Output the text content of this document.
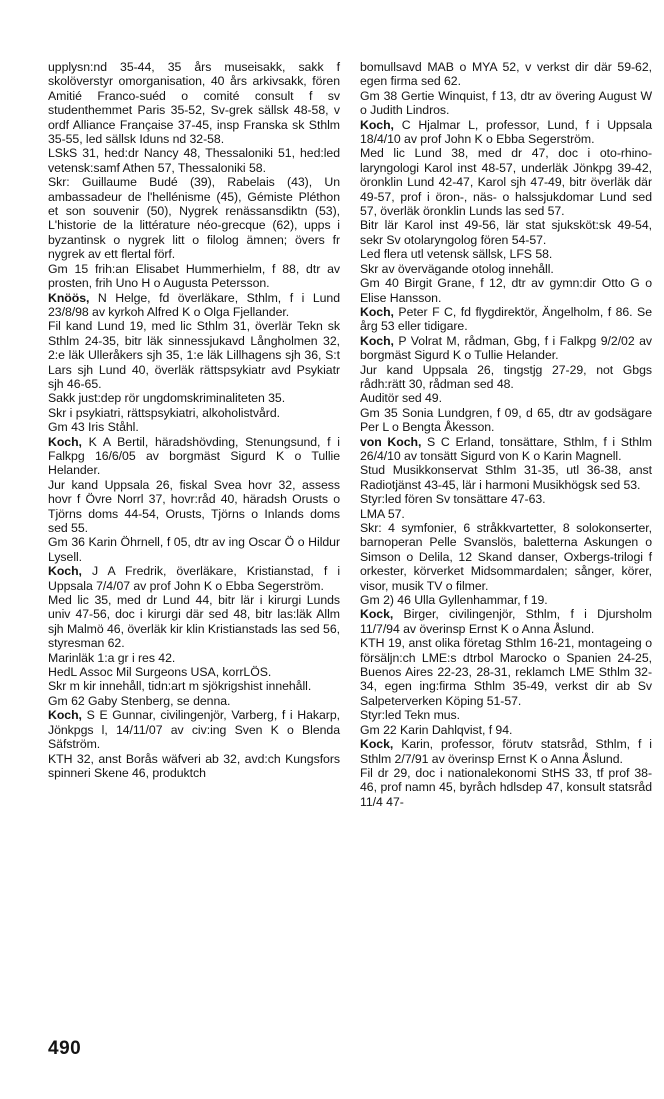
upplysn:nd 35-44, 35 års museisakk, sakk f skolöverstyr omorganisation, 40 års arkivsakk, fören Amitié Franco-suéd o comité consult f sv studenthemmet Paris 35-52, Sv-grek sällsk 48-58, v ordf Alliance Française 37-45, insp Franska sk Sthlm 35-55, led sällsk Iduns nd 32-58.

LSkS 31, hed:dr Nancy 48, Thessaloniki 51, hed:led vetensk:samf Athen 57, Thessaloniki 58.

Skr: Guillaume Budé (39), Rabelais (43), Un ambassadeur de l'hellénisme (45), Gémiste Pléthon et son souvenir (50), Nygrek renässansdiktn (53), L'historie de la littérature néo-grecque (62), upps i byzantinsk o nygrek litt o filolog ämnen; övers fr nygrek av ett flertal förf.

Gm 15 frih:an Elisabet Hummerhielm, f 88, dtr av prosten, frih Uno H o Augusta Petersson.

Knöös, N Helge, fd överläkare, Sthlm, f i Lund 23/8/98 av kyrkoh Alfred K o Olga Fjellander.

Fil kand Lund 19, med lic Sthlm 31, överlär Tekn sk Sthlm 24-35, bitr läk sinnessjukavd Långholmen 32, 2:e läk Ulleråkers sjh 35, 1:e läk Lillhagens sjh 36, S:t Lars sjh Lund 40, överläk rättspsykiatr avd Psykiatr sjh 46-65.

Sakk just:dep rör ungdomskriminaliteten 35.

Skr i psykiatri, rättspsykiatri, alkoholistvård.

Gm 43 Iris Ståhl.

Koch, K A Bertil, häradshövding, Stenungsund, f i Falkpg 16/6/05 av borgmäst Sigurd K o Tullie Helander.

Jur kand Uppsala 26, fiskal Svea hovr 32, assess hovr f Övre Norrl 37, hovr:råd 40, häradsh Orusts o Tjörns doms 44-54, Orusts, Tjörns o Inlands doms sed 55.

Gm 36 Karin Öhrnell, f 05, dtr av ing Oscar Ö o Hildur Lysell.

Koch, J A Fredrik, överläkare, Kristianstad, f i Uppsala 7/4/07 av prof John K o Ebba Segerström.

Med lic 35, med dr Lund 44, bitr lär i kirurgi Lunds univ 47-56, doc i kirurgi där sed 48, bitr las:läk Allm sjh Malmö 46, överläk kir klin Kristianstads las sed 56, styresman 62.

Marinläk 1:a gr i res 42.

HedL Assoc Mil Surgeons USA, korrLÖS.

Skr m kir innehåll, tidn:art m sjökrigshist innehåll.

Gm 62 Gaby Stenberg, se denna.

Koch, S E Gunnar, civilingenjör, Varberg, f i Hakarp, Jönkpgs l, 14/11/07 av civ:ing Sven K o Blenda Säfström.

KTH 32, anst Borås wäfveri ab 32, avd:ch Kungsfors spinneri Skene 46, produktch

bomullsavd MAB o MYA 52, v verkst dir där 59-62, egen firma sed 62.

Gm 38 Gertie Winquist, f 13, dtr av övering August W o Judith Lindros.

Koch, C Hjalmar L, professor, Lund, f i Uppsala 18/4/10 av prof John K o Ebba Segerström.

Med lic Lund 38, med dr 47, doc i oto-rhino-laryngologi Karol inst 48-57, underläk Jönkpg 39-42, öronklin Lund 42-47, Karol sjh 47-49, bitr överläk där 49-57, prof i öron-, näs- o halssjukdomar Lund sed 57, överläk öronklin Lunds las sed 57.

Bitr lär Karol inst 49-56, lär stat sjuksköt:sk 49-54, sekr Sv otolaryngolog fören 54-57.

Led flera utl vetensk sällsk, LFS 58.

Skr av övervägande otolog innehåll.

Gm 40 Birgit Grane, f 12, dtr av gymn:dir Otto G o Elise Hansson.

Koch, Peter F C, fd flygdirektör, Ängelholm, f 86. Se årg 53 eller tidigare.

Koch, P Volrat M, rådman, Gbg, f i Falkpg 9/2/02 av borgmäst Sigurd K o Tullie Helander.

Jur kand Uppsala 26, tingstjg 27-29, not Gbgs rådh:rätt 30, rådman sed 48.

Auditör sed 49.

Gm 35 Sonia Lundgren, f 09, d 65, dtr av godsägare Per L o Bengta Åkesson.

von Koch, S C Erland, tonsättare, Sthlm, f i Sthlm 26/4/10 av tonsätt Sigurd von K o Karin Magnell.

Stud Musikkonservat Sthlm 31-35, utl 36-38, anst Radiotjänst 43-45, lär i harmoni Musikhögsk sed 53.

Styr:led fören Sv tonsättare 47-63.

LMA 57.

Skr: 4 symfonier, 6 stråkkvartetter, 8 solokonserter, barnoperan Pelle Svanslös, baletterna Askungen o Simson o Delila, 12 Skand danser, Oxbergs-trilogi f orkester, körverket Midsommardalen; sånger, körer, visor, musik TV o filmer.

Gm 2) 46 Ulla Gyllenhammar, f 19.

Kock, Birger, civilingenjör, Sthlm, f i Djursholm 11/7/94 av överinsp Ernst K o Anna Åslund.

KTH 19, anst olika företag Sthlm 16-21, montageing o försäljn:ch LME:s dtrbol Marocko o Spanien 24-25, Buenos Aires 22-23, 28-31, reklamch LME Sthlm 32-34, egen ing:firma Sthlm 35-49, verkst dir ab Sv Salpeterverken Köping 51-57.

Styr:led Tekn mus.

Gm 22 Karin Dahlqvist, f 94.

Kock, Karin, professor, förutv statsråd, Sthlm, f i Sthlm 2/7/91 av överinsp Ernst K o Anna Åslund.

Fil dr 29, doc i nationalekonomi StHS 33, tf prof 38-46, prof namn 45, byråch hdlsdep 47, konsult statsråd 11/4 47-

490
